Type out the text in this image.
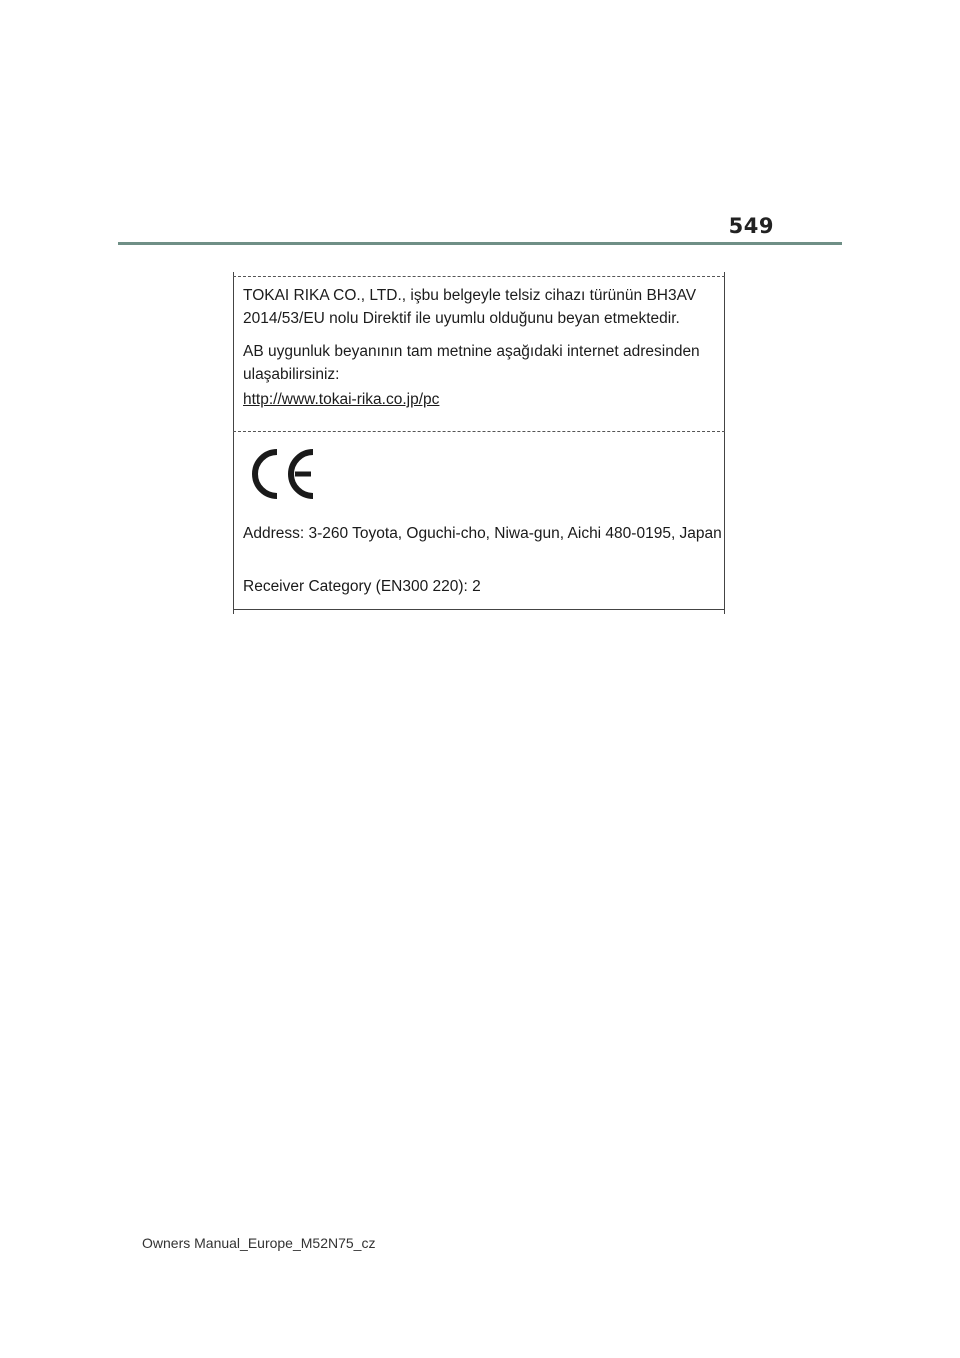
549
TOKAI RIKA CO., LTD., işbu belgeyle telsiz cihazı türünün BH3AV
2014/53/EU nolu Direktif ile uyumlu olduğunu beyan etmektedir.
AB uygunluk beyanının tam metnine aşağıdaki internet adresinden
ulaşabilirsiniz:
http://www.tokai-rika.co.jp/pc
Address: 3-260 Toyota, Oguchi-cho, Niwa-gun, Aichi 480-0195, Japan
Receiver Category (EN300 220): 2
Owners Manual_Europe_M52N75_cz
